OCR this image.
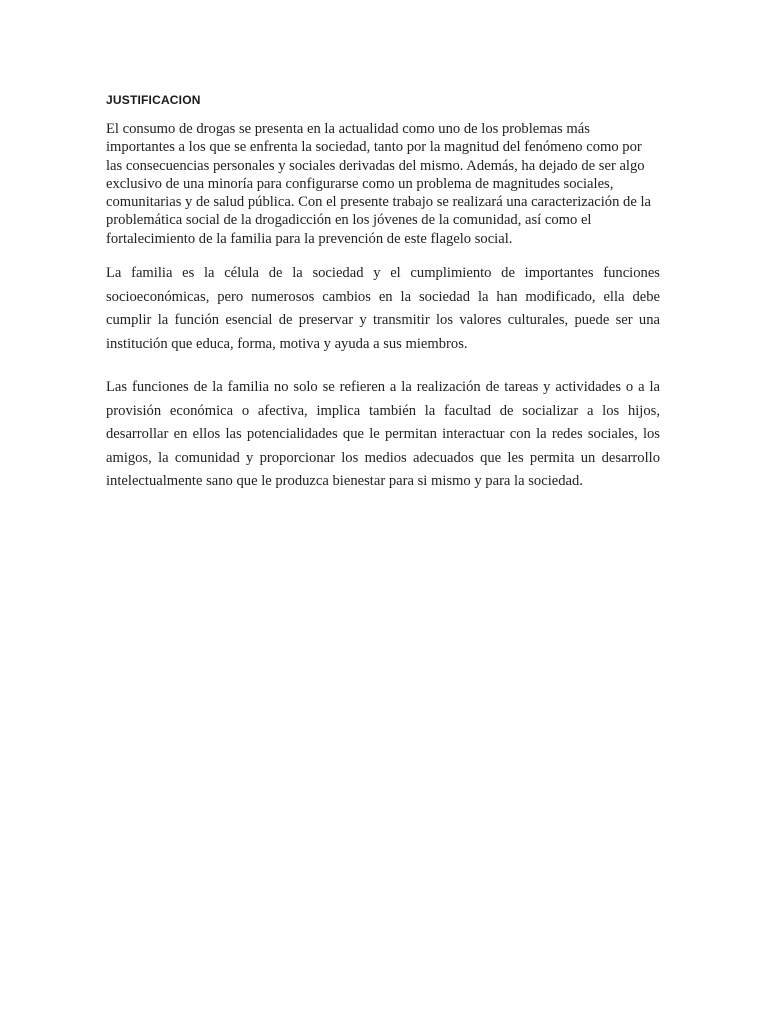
JUSTIFICACION

El consumo de drogas se presenta en la actualidad como uno de los problemas más importantes a los que se enfrenta la sociedad, tanto por la magnitud del fenómeno como por las consecuencias personales y sociales derivadas del mismo. Además, ha dejado de ser algo exclusivo de una minoría para configurarse como un problema de magnitudes sociales, comunitarias y de salud pública. Con el presente trabajo se realizará una caracterización de la problemática social de la drogadicción en los jóvenes de la comunidad, así como el fortalecimiento de la familia para la prevención de este flagelo social.

La familia es la célula de la sociedad y el cumplimiento de importantes funciones socioeconómicas, pero numerosos cambios en la sociedad la han modificado, ella debe cumplir la función esencial de preservar y transmitir los valores culturales, puede ser una institución que educa, forma, motiva y ayuda a sus miembros.

Las funciones de la familia no solo se refieren a la realización de tareas y actividades o a la provisión económica o afectiva, implica también la facultad de socializar a los hijos, desarrollar en ellos las potencialidades que le permitan interactuar con la redes sociales, los amigos, la comunidad y proporcionar los medios adecuados que les permita un desarrollo intelectualmente sano que le produzca bienestar para si mismo y para la sociedad.
